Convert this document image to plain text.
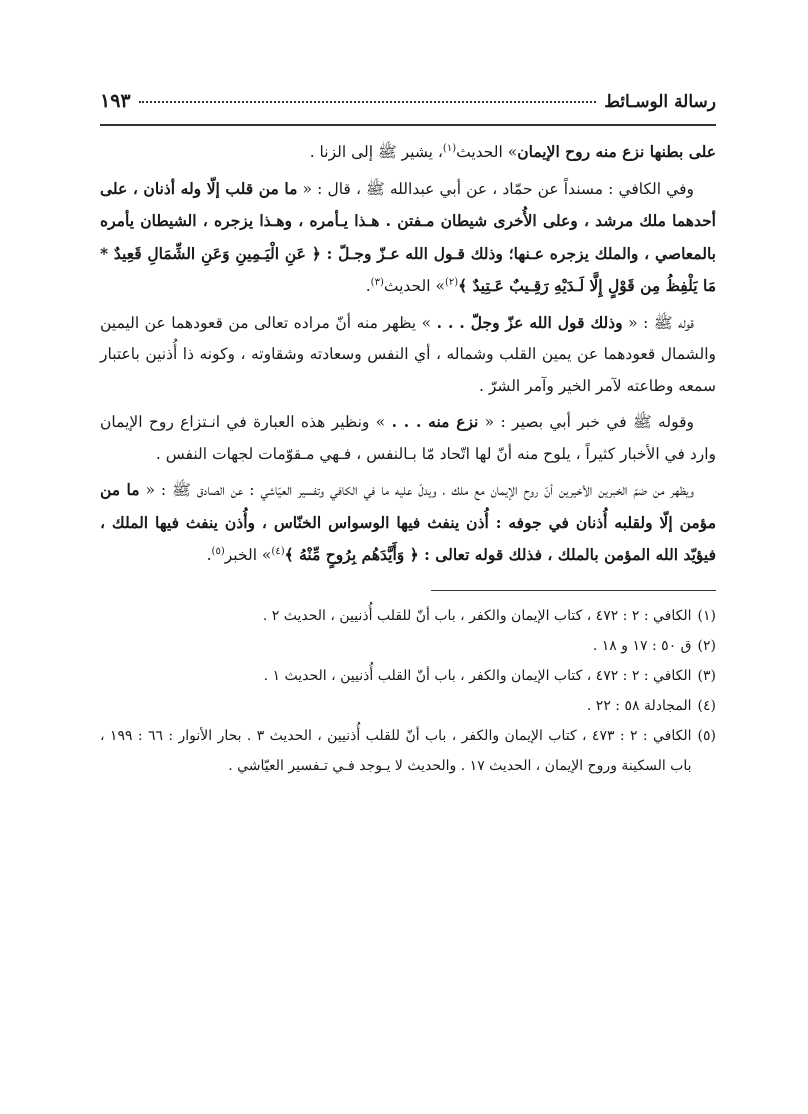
رسالة الوسـائط
١٩٣

على بطنها نزع منه روح الإيمان» الحديث$^{(١)}$، يشير ﷺ إلى الزنا .

وفي الكافي : مسنداً عن حمّاد ، عن أبي عبدالله ﷺ ، قال : « ما من قلب إلّا وله أذنان ، على أحدهما ملك مرشد ، وعلى الأُخرى شيطان مـفتن . هـذا يـأمره ، وهـذا يزجره ، الشيطان يأمره بالمعاصي ، والملك يزجره عـنها؛ وذلك قـول الله عـزّ وجـلّ : ﴿ عَنِ الْيَـمِينِ وَعَنِ الشِّمَالِ قَعِيدٌ * مَا يَلْفِظُ مِن قَوْلٍ إِلَّا لَـدَيْهِ رَقِـيبٌ عَـتِيدٌ ﴾$^{(٢)}$» الحديث$^{(٣)}$.

قوله ﷺ : « وذلك قول الله عزّ وجلّ . . . » يظهر منه أنّ مراده تعالى من قعودهما عن اليمين والشمال قعودهما عن يمين القلب وشماله ، أي النفس وسعادته وشقاوته ، وكونه ذا أُذنين باعتبار سمعه وطاعته لآمر الخير وآمر الشرّ .

وقوله ﷺ في خبر أبي بصير : « نزع منه . . . » ونظير هذه العبارة في انـتزاع روح الإيمان وارد في الأخبار كثيراً ، يلوح منه أنّ لها اتّحاد مّا بـالنفس ، فـهي مـقوّمات لجهات النفس .

ويظهر من ضمّ الخبرين الأخيرين أنّ روح الإيمان مع ملك ، ويدلّ عليه ما في الكافي وتفسير العيّاشي : عن الصادق ﷺ : « ما من مؤمن إلّا ولقلبه أُذنان في جوفه : أُذن ينفث فيها الوسواس الخنّاس ، وأُذن ينفث فيها الملك ، فيؤيّد الله المؤمن بالملك ، فذلك قوله تعالى : ﴿ وَأَيَّدَهُم بِرُوحٍ مِّنْهُ ﴾$^{(٤)}$» الخبر$^{(٥)}$.

(١)
الكافي : ٢ : ٤٧٢ ، كتاب الإيمان والكفر ، باب أنّ للقلب أُذنيين ، الحديث ٢ .
(٢)
ق ٥٠ : ١٧ و ١٨ .
(٣)
الكافي : ٢ : ٤٧٢ ، كتاب الإيمان والكفر ، باب أنّ القلب أُذنيين ، الحديث ١ .
(٤)
المجادلة ٥٨ : ٢٢ .
(٥)
الكافي : ٢ : ٤٧٣ ، كتاب الإيمان والكفر ، باب أنّ للقلب أُذنيين ، الحديث ٣ . بحار الأنوار : ٦٦ : ١٩٩ ، باب السكينة وروح الإيمان ، الحديث ١٧ . والحديث لا يـوجد فـي تـفسير العيّاشي .
